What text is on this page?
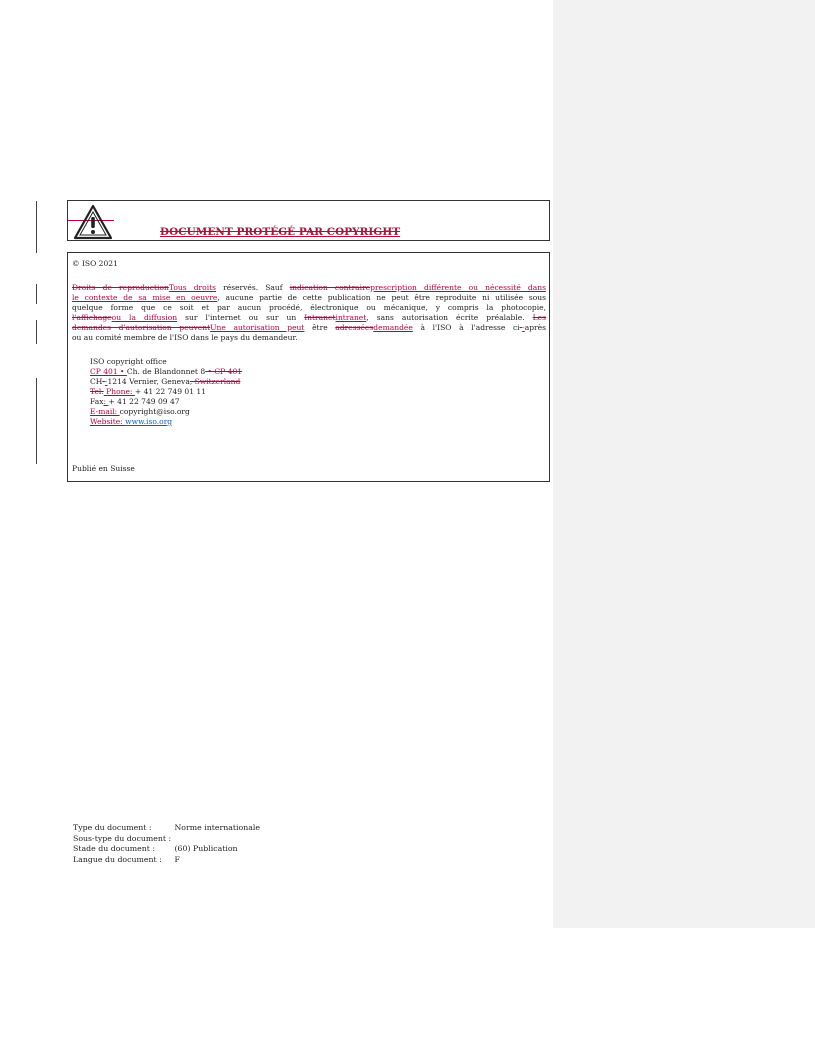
DOCUMENT PROTÉGÉ PAR COPYRIGHT
© ISO 2021
Droits de reproductionTous droits réservés. Sauf indication contraireprescription différente ou nécessité dans
le contexte de sa mise en oeuvre, aucune partie de cette publication ne peut être reproduite ni utilisée sous
quelque forme que ce soit et par aucun procédé, électronique ou mécanique, y compris la photocopie,
l'affichageou la diffusion sur l'internet ou sur un Intranetintranet, sans autorisation écrite préalable. Les
demandes d'autorisation peuventUne autorisation peut être adresséesdemandée à l'ISO à l'adresse ci--après
ou au comité membre de l'ISO dans le pays du demandeur.
ISO copyright office
CP 401 • Ch. de Blandonnet 8 • CP 401
CH--1214 Vernier, Geneva, Switzerland
Tel. Phone: + 41 22 749 01 11
Fax: + 41 22 749 09 47
E-mail: copyright@iso.org
Website: www.iso.org
Publié en Suisse
Type du document :	Norme internationale
Sous-type du document :
Stade du document : (60) Publication
Langue du document : F
